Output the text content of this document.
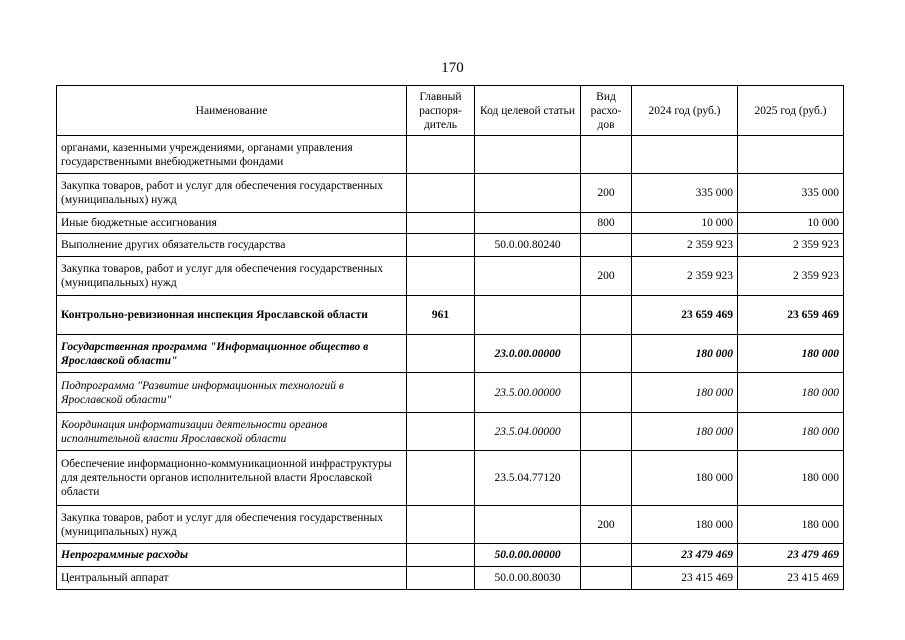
170
Наименование	Главный распоря-дитель	Код целевой статьи	Вид расхо-дов	2024 год (руб.)	2025 год (руб.)
органами, казенными учреждениями, органами управления государственными внебюджетными фондами					
Закупка товаров, работ и услуг для обеспечения государственных (муниципальных) нужд			200	335 000	335 000
Иные бюджетные ассигнования			800	10 000	10 000
Выполнение других обязательств государства		50.0.00.80240		2 359 923	2 359 923
Закупка товаров, работ и услуг для обеспечения государственных (муниципальных) нужд			200	2 359 923	2 359 923
Контрольно-ревизионная инспекция Ярославской области	961			23 659 469	23 659 469
Государственная программа "Информационное общество в Ярославской области"		23.0.00.00000		180 000	180 000
Подпрограмма "Развитие информационных технологий в Ярославской области"		23.5.00.00000		180 000	180 000
Координация информатизации деятельности органов исполнительной власти Ярославской области		23.5.04.00000		180 000	180 000
Обеспечение информационно-коммуникационной инфраструктуры для деятельности органов исполнительной власти Ярославской области		23.5.04.77120		180 000	180 000
Закупка товаров, работ и услуг для обеспечения государственных (муниципальных) нужд			200	180 000	180 000
Непрограммные расходы		50.0.00.00000		23 479 469	23 479 469
Центральный аппарат		50.0.00.80030		23 415 469	23 415 469
